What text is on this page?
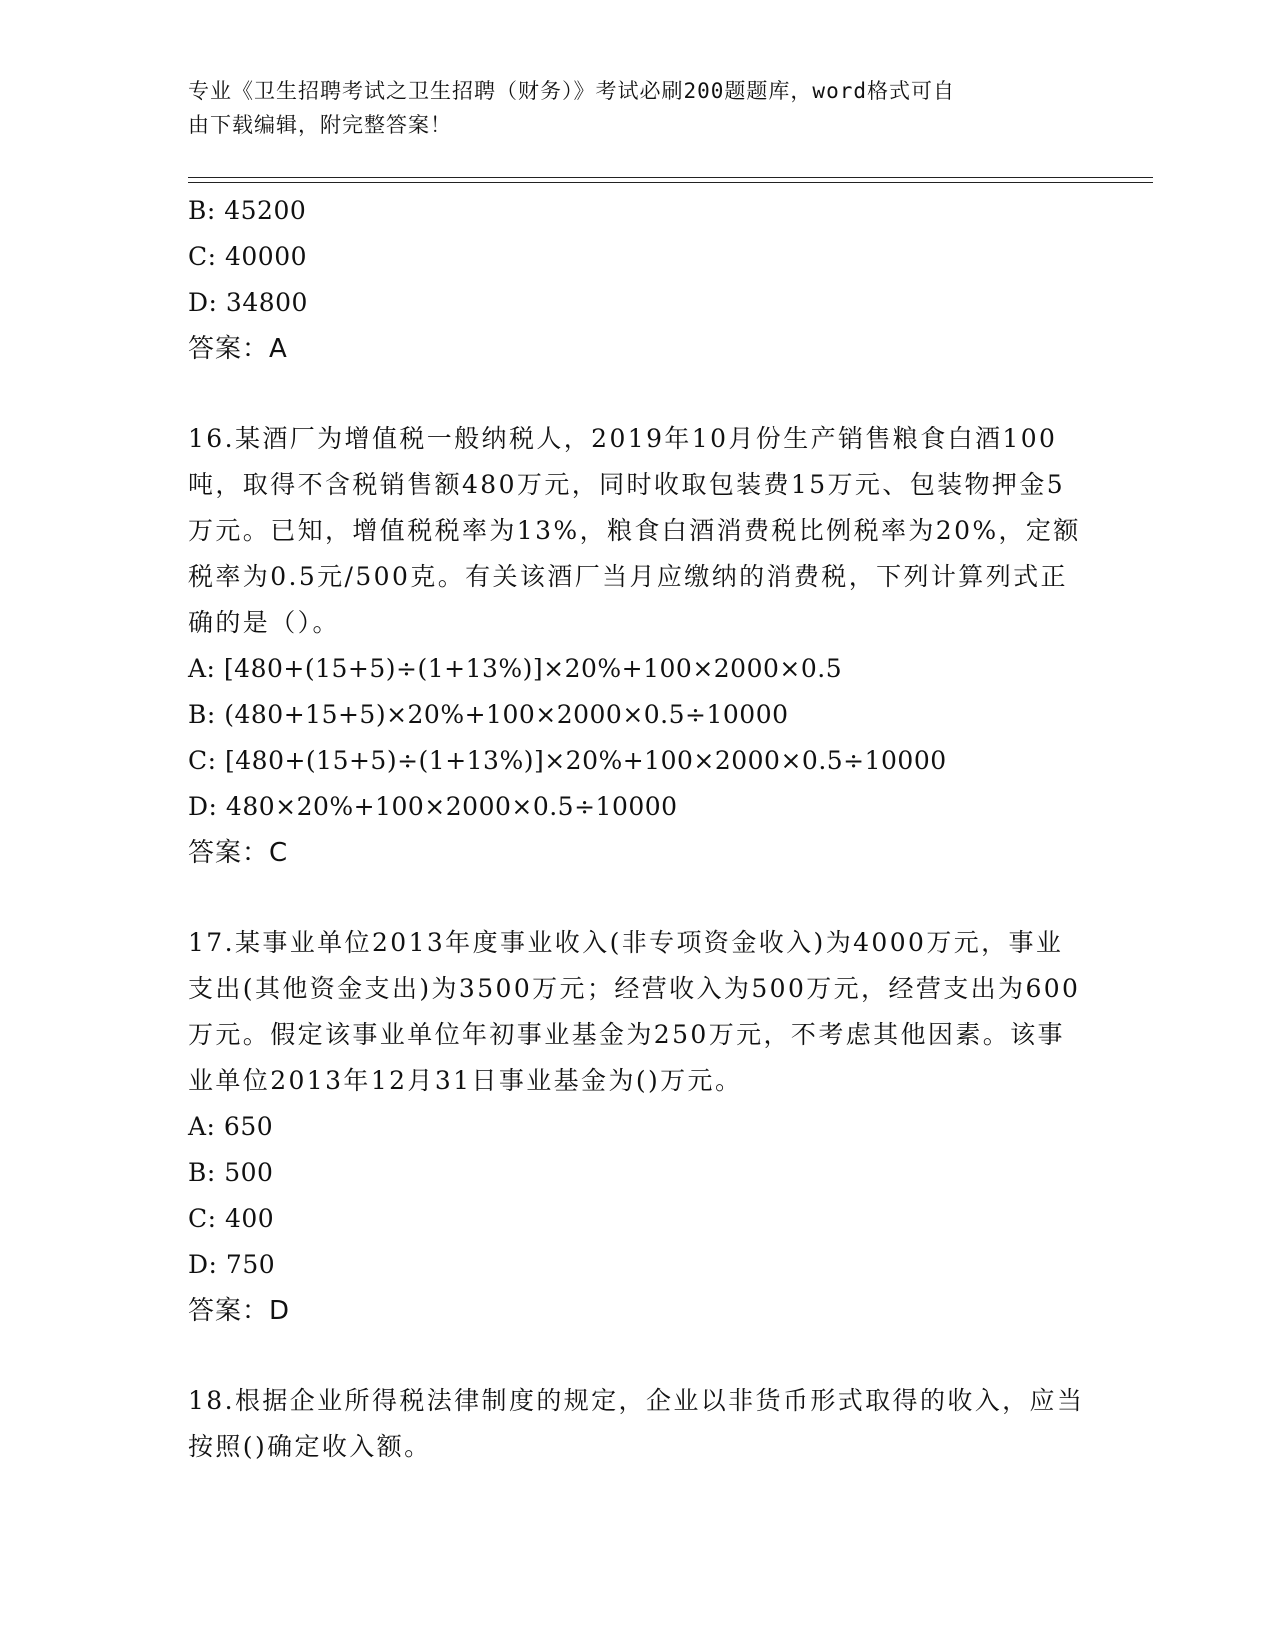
专业《卫生招聘考试之卫生招聘（财务）》考试必刷200题题库，word格式可自
由下载编辑，附完整答案！
B: 45200
C: 40000
D: 34800
答案：A
16.某酒厂为增值税一般纳税人，2019年10月份生产销售粮食白酒100吨，取得不含税销售额480万元，同时收取包装费15万元、包装物押金5万元。已知，增值税税率为13%，粮食白酒消费税比例税率为20%，定额税率为0.5元/500克。有关该酒厂当月应缴纳的消费税，下列计算列式正确的是（）。
A: [480+(15+5)÷(1+13%)]×20%+100×2000×0.5
B: (480+15+5)×20%+100×2000×0.5÷10000
C: [480+(15+5)÷(1+13%)]×20%+100×2000×0.5÷10000
D: 480×20%+100×2000×0.5÷10000
答案：C
17.某事业单位2013年度事业收入(非专项资金收入)为4000万元，事业支出(其他资金支出)为3500万元；经营收入为500万元，经营支出为600万元。假定该事业单位年初事业基金为250万元，不考虑其他因素。该事业单位2013年12月31日事业基金为()万元。
A: 650
B: 500
C: 400
D: 750
答案：D
18.根据企业所得税法律制度的规定，企业以非货币形式取得的收入，应当按照()确定收入额。
